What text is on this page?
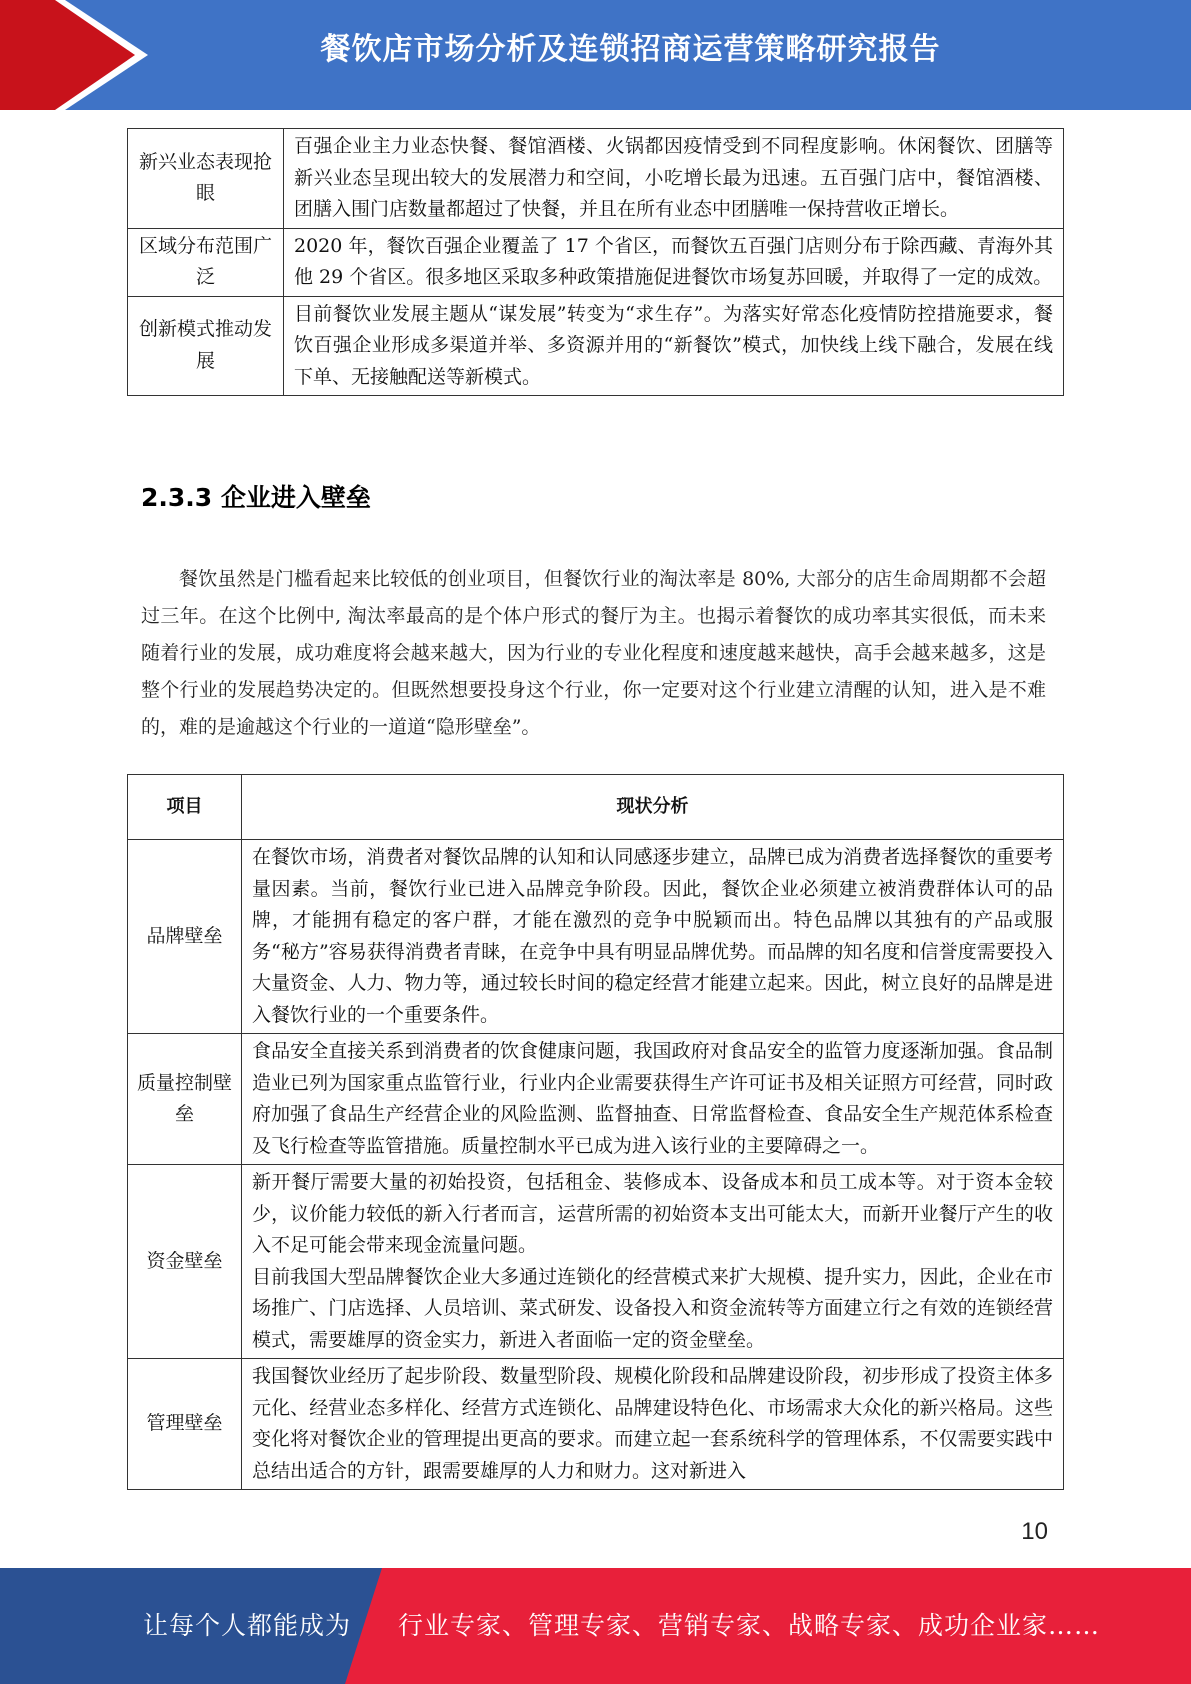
餐饮店市场分析及连锁招商运营策略研究报告
新兴业态表现抢眼	百强企业主力业态快餐、餐馆酒楼、火锅都因疫情受到不同程度影响。休闲餐饮、团膳等新兴业态呈现出较大的发展潜力和空间，小吃增长最为迅速。五百强门店中，餐馆酒楼、团膳入围门店数量都超过了快餐，并且在所有业态中团膳唯一保持营收正增长。
区域分布范围广泛	2020 年，餐饮百强企业覆盖了 17 个省区，而餐饮五百强门店则分布于除西藏、青海外其他 29 个省区。很多地区采取多种政策措施促进餐饮市场复苏回暖，并取得了一定的成效。
创新模式推动发展	目前餐饮业发展主题从“谋发展”转变为“求生存”。为落实好常态化疫情防控措施要求，餐饮百强企业形成多渠道并举、多资源并用的“新餐饮”模式，加快线上线下融合，发展在线下单、无接触配送等新模式。
2.3.3 企业进入壁垒
餐饮虽然是门槛看起来比较低的创业项目，但餐饮行业的淘汰率是 80%, 大部分的店生命周期都不会超过三年。在这个比例中, 淘汰率最高的是个体户形式的餐厅为主。也揭示着餐饮的成功率其实很低，而未来随着行业的发展，成功难度将会越来越大，因为行业的专业化程度和速度越来越快，高手会越来越多，这是整个行业的发展趋势决定的。但既然想要投身这个行业，你一定要对这个行业建立清醒的认知，进入是不难的，难的是逾越这个行业的一道道“隐形壁垒”。
项目	现状分析
品牌壁垒	在餐饮市场，消费者对餐饮品牌的认知和认同感逐步建立，品牌已成为消费者选择餐饮的重要考量因素。当前，餐饮行业已进入品牌竞争阶段。因此，餐饮企业必须建立被消费群体认可的品牌，才能拥有稳定的客户群，才能在激烈的竞争中脱颖而出。特色品牌以其独有的产品或服务“秘方”容易获得消费者青睐，在竞争中具有明显品牌优势。而品牌的知名度和信誉度需要投入大量资金、人力、物力等，通过较长时间的稳定经营才能建立起来。因此，树立良好的品牌是进入餐饮行业的一个重要条件。
质量控制壁垒	食品安全直接关系到消费者的饮食健康问题，我国政府对食品安全的监管力度逐渐加强。食品制造业已列为国家重点监管行业，行业内企业需要获得生产许可证书及相关证照方可经营，同时政府加强了食品生产经营企业的风险监测、监督抽查、日常监督检查、食品安全生产规范体系检查及飞行检查等监管措施。质量控制水平已成为进入该行业的主要障碍之一。
资金壁垒	新开餐厅需要大量的初始投资，包括租金、装修成本、设备成本和员工成本等。对于资本金较少，议价能力较低的新入行者而言，运营所需的初始资本支出可能太大，而新开业餐厅产生的收入不足可能会带来现金流量问题。
目前我国大型品牌餐饮企业大多通过连锁化的经营模式来扩大规模、提升实力，因此，企业在市场推广、门店选择、人员培训、菜式研发、设备投入和资金流转等方面建立行之有效的连锁经营模式，需要雄厚的资金实力，新进入者面临一定的资金壁垒。

管理壁垒	我国餐饮业经历了起步阶段、数量型阶段、规模化阶段和品牌建设阶段，初步形成了投资主体多元化、经营业态多样化、经营方式连锁化、品牌建设特色化、市场需求大众化的新兴格局。这些变化将对餐饮企业的管理提出更高的要求。而建立起一套系统科学的管理体系，不仅需要实践中总结出适合的方针，跟需要雄厚的人力和财力。这对新进入
10
让每个人都能成为 行业专家、管理专家、营销专家、战略专家、成功企业家……
